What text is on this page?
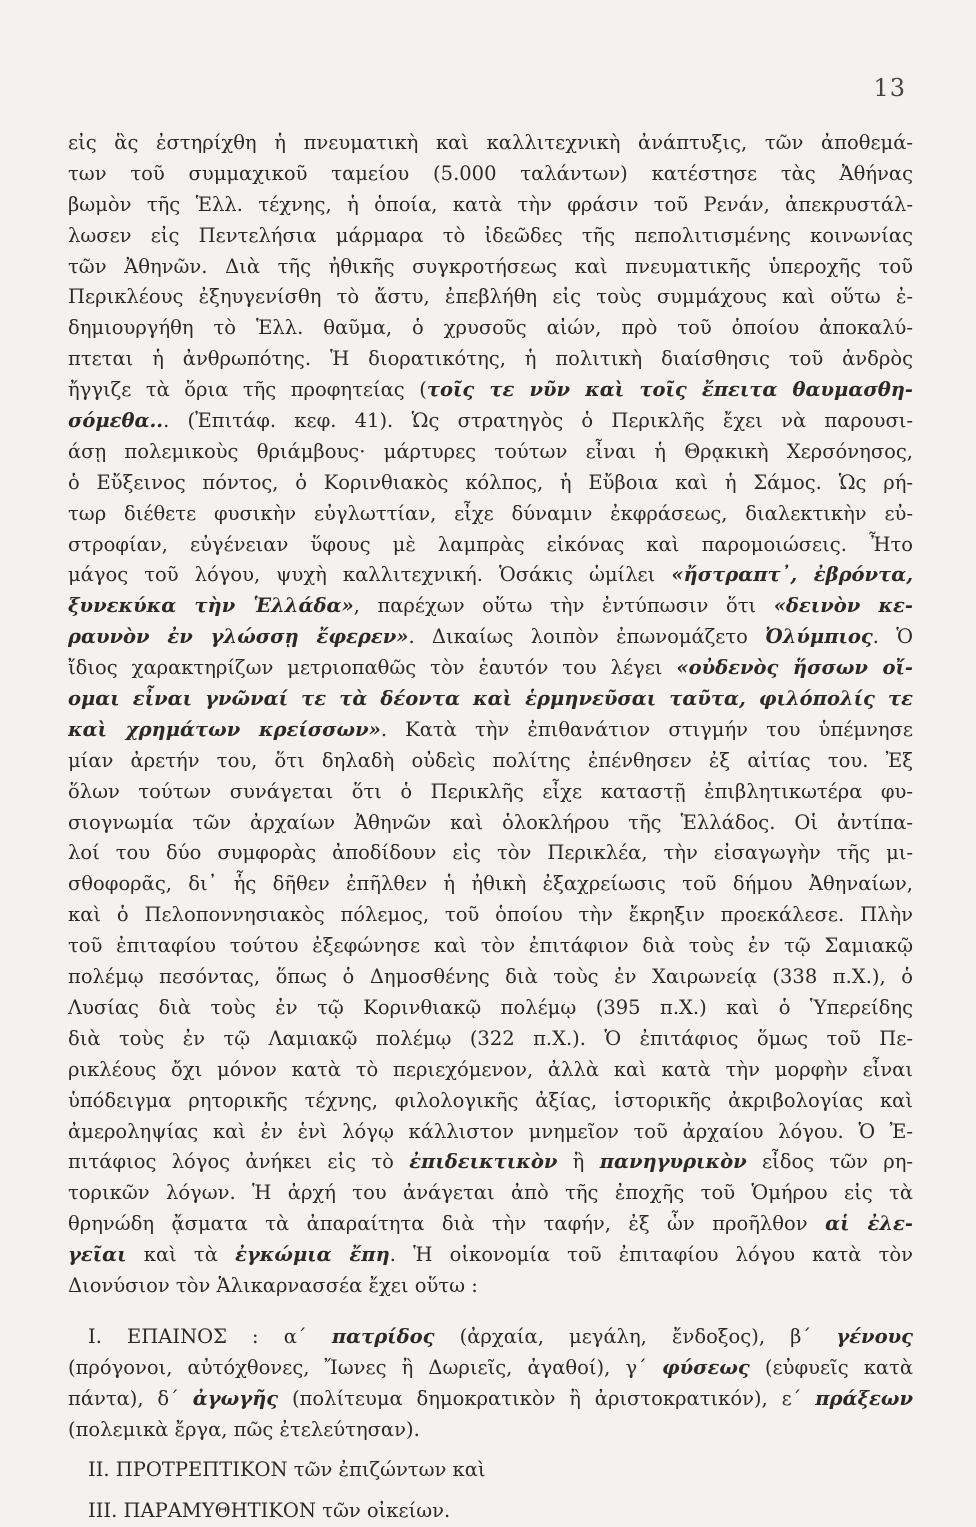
13
εἰς ἃς ἐστηρίχθη ἡ πνευματικὴ καὶ καλλιτεχνικὴ ἀνάπτυξις, τῶν ἀποθεμά-
των τοῦ συμμαχικοῦ ταμείου (5.000 ταλάντων) κατέστησε τὰς Ἀθήνας
βωμὸν τῆς Ἑλλ. τέχνης, ἡ ὁποία, κατὰ τὴν φράσιν τοῦ Ρενάν, ἀπεκρυστάλ-
λωσεν εἰς Πεντελήσια μάρμαρα τὸ ἰδεῶδες τῆς πεπολιτισμένης κοινωνίας
τῶν Ἀθηνῶν. Διὰ τῆς ἠθικῆς συγκροτήσεως καὶ πνευματικῆς ὑπεροχῆς τοῦ
Περικλέους ἐξηυγενίσθη τὸ ἄστυ, ἐπεβλήθη εἰς τοὺς συμμάχους καὶ οὕτω ἐ-
δημιουργήθη τὸ Ἑλλ. θαῦμα, ὁ χρυσοῦς αἰών, πρὸ τοῦ ὁποίου ἀποκαλύ-
πτεται ἡ ἀνθρωπότης. Ἡ διορατικότης, ἡ πολιτικὴ διαίσθησις τοῦ ἀνδρὸς
ἤγγιζε τὰ ὅρια τῆς προφητείας (τοῖς τε νῦν καὶ τοῖς ἔπειτα θαυμασθη-
σόμεθα... (Ἐπιτάφ. κεφ. 41). Ὡς στρατηγὸς ὁ Περικλῆς ἔχει νὰ παρουσι-
άσῃ πολεμικοὺς θριάμβους· μάρτυρες τούτων εἶναι ἡ Θρᾳκικὴ Χερσόνησος,
ὁ Εὔξεινος πόντος, ὁ Κορινθιακὸς κόλπος, ἡ Εὔβοια καὶ ἡ Σάμος. Ὡς ρή-
τωρ διέθετε φυσικὴν εὐγλωττίαν, εἶχε δύναμιν ἐκφράσεως, διαλεκτικὴν εὐ-
στροφίαν, εὐγένειαν ὕφους μὲ λαμπρὰς εἰκόνας καὶ παρομοιώσεις. Ἦτο
μάγος τοῦ λόγου, ψυχὴ καλλιτεχνική. Ὁσάκις ὡμίλει «ἤστραπτ᾽, ἐβρόντα,
ξυνεκύκα τὴν Ἑλλάδα», παρέχων οὕτω τὴν ἐντύπωσιν ὅτι «δεινὸν κε-
ραυνὸν ἐν γλώσσῃ ἔφερεν». Δικαίως λοιπὸν ἐπωνομάζετο Ὀλύμπιος. Ὁ
ἴδιος χαρακτηρίζων μετριοπαθῶς τὸν ἑαυτόν του λέγει «οὐδενὸς ἥσσων οἴ-
ομαι εἶναι γνῶναί τε τὰ δέοντα καὶ ἑρμηνεῦσαι ταῦτα, φιλόπολίς τε
καὶ χρημάτων κρείσσων». Κατὰ τὴν ἐπιθανάτιον στιγμήν του ὑπέμνησε
μίαν ἀρετήν του, ὅτι δηλαδὴ οὐδεὶς πολίτης ἐπένθησεν ἐξ αἰτίας του. Ἐξ
ὅλων τούτων συνάγεται ὅτι ὁ Περικλῆς εἶχε καταστῇ ἐπιβλητικωτέρα φυ-
σιογνωμία τῶν ἀρχαίων Ἀθηνῶν καὶ ὁλοκλήρου τῆς Ἑλλάδος. Οἱ ἀντίπα-
λοί του δύο συμφορὰς ἀποδίδουν εἰς τὸν Περικλέα, τὴν εἰσαγωγὴν τῆς μι-
σθοφορᾶς, δι᾽ ἧς δῆθεν ἐπῆλθεν ἡ ἠθικὴ ἐξαχρείωσις τοῦ δήμου Ἀθηναίων,
καὶ ὁ Πελοποννησιακὸς πόλεμος, τοῦ ὁποίου τὴν ἔκρηξιν προεκάλεσε. Πλὴν
τοῦ ἐπιταφίου τούτου ἐξεφώνησε καὶ τὸν ἐπιτάφιον διὰ τοὺς ἐν τῷ Σαμιακῷ
πολέμῳ πεσόντας, ὅπως ὁ Δημοσθένης διὰ τοὺς ἐν Χαιρωνείᾳ (338 π.Χ.), ὁ
Λυσίας διὰ τοὺς ἐν τῷ Κορινθιακῷ πολέμῳ (395 π.Χ.) καὶ ὁ Ὑπερείδης
διὰ τοὺς ἐν τῷ Λαμιακῷ πολέμῳ (322 π.Χ.). Ὁ ἐπιτάφιος ὅμως τοῦ Πε-
ρικλέους ὄχι μόνον κατὰ τὸ περιεχόμενον, ἀλλὰ καὶ κατὰ τὴν μορφὴν εἶναι
ὑπόδειγμα ρητορικῆς τέχνης, φιλολογικῆς ἀξίας, ἱστορικῆς ἀκριβολογίας καὶ
ἀμεροληψίας καὶ ἐν ἑνὶ λόγῳ κάλλιστον μνημεῖον τοῦ ἀρχαίου λόγου. Ὁ Ἐ-
πιτάφιος λόγος ἀνήκει εἰς τὸ ἐπιδεικτικὸν ἢ πανηγυρικὸν εἶδος τῶν ρη-
τορικῶν λόγων. Ἡ ἀρχή του ἀνάγεται ἀπὸ τῆς ἐποχῆς τοῦ Ὁμήρου εἰς τὰ
θρηνώδη ᾄσματα τὰ ἀπαραίτητα διὰ τὴν ταφήν, ἐξ ὧν προῆλθον αἱ ἐλε-
γεῖαι καὶ τὰ ἐγκώμια ἔπη. Ἡ οἰκονομία τοῦ ἐπιταφίου λόγου κατὰ τὸν
Διονύσιον τὸν Ἁλικαρνασσέα ἔχει οὕτω :
I. ΕΠΑΙΝΟΣ : α´ πατρίδος (ἀρχαία, μεγάλη, ἔνδοξος), β´ γένους
(πρόγονοι, αὐτόχθονες, Ἴωνες ἢ Δωριεῖς, ἀγαθοί), γ´ φύσεως (εὐφυεῖς κατὰ
πάντα), δ´ ἀγωγῆς (πολίτευμα δημοκρατικὸν ἢ ἀριστοκρατικόν), ε´ πράξεων
(πολεμικὰ ἔργα, πῶς ἐτελεύτησαν).
II. ΠΡΟΤΡΕΠΤΙΚΟΝ τῶν ἐπιζώντων καὶ
III. ΠΑΡΑΜΥΘΗΤΙΚΟΝ τῶν οἰκείων.
